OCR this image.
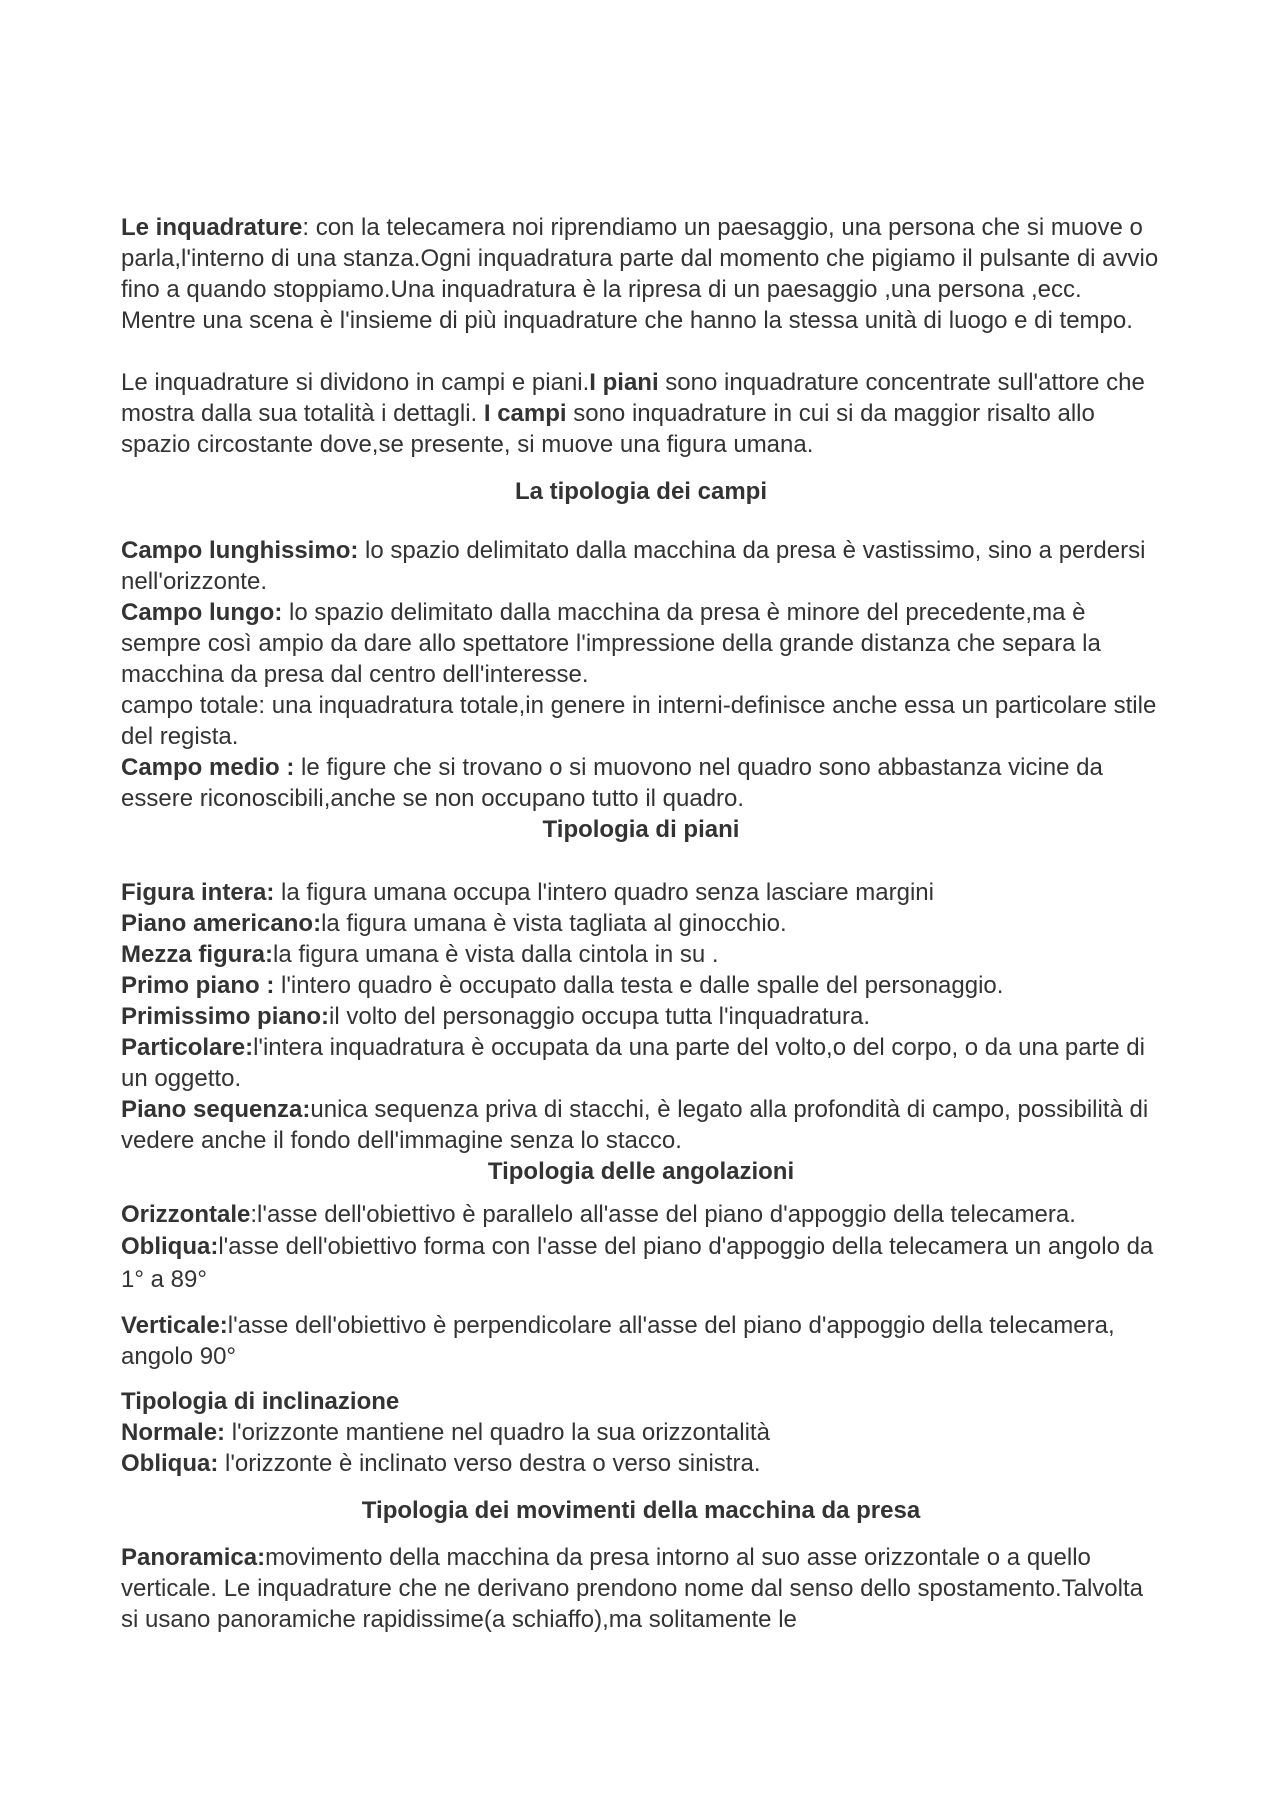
Le inquadrature: con la telecamera noi riprendiamo un paesaggio, una persona che si muove o parla,l'interno di una stanza.Ogni inquadratura parte dal momento che pigiamo il pulsante di avvio fino a quando stoppiamo.Una inquadratura è la ripresa di un paesaggio ,una persona ,ecc. Mentre una scena è l'insieme di più inquadrature che hanno la stessa unità di luogo e di tempo.

Le inquadrature si dividono in campi e piani.I piani sono inquadrature concentrate sull'attore che mostra dalla sua totalità i dettagli. I campi sono inquadrature in cui si da maggior risalto allo spazio circostante dove,se presente, si muove una figura umana.

La tipologia dei campi

Campo lunghissimo: lo spazio delimitato dalla macchina da presa è vastissimo, sino a perdersi nell'orizzonte.

Campo lungo: lo spazio delimitato dalla macchina da presa è minore del precedente,ma è sempre così ampio da dare allo spettatore l'impressione della grande distanza che separa la macchina da presa dal centro dell'interesse.

campo totale: una inquadratura totale,in genere in interni-definisce anche essa un particolare stile del regista.

Campo medio : le figure che si trovano o si muovono nel quadro sono abbastanza vicine da essere riconoscibili,anche se non occupano tutto il quadro.

Tipologia di piani

Figura intera: la figura umana occupa l'intero quadro senza lasciare margini

Piano americano:la figura umana è vista tagliata al ginocchio.

Mezza figura:la figura umana è vista dalla cintola in su .

Primo piano : l'intero quadro è occupato dalla testa e dalle spalle del personaggio.

Primissimo piano:il volto del personaggio occupa tutta l'inquadratura.

Particolare:l'intera inquadratura è occupata da una parte del volto,o del corpo, o da una parte di un oggetto.

Piano sequenza:unica sequenza priva di stacchi, è legato alla profondità di campo, possibilità di vedere anche il fondo dell'immagine senza lo stacco.

Tipologia delle angolazioni

Orizzontale:l'asse dell'obiettivo è parallelo all'asse del piano d'appoggio della telecamera.

Obliqua:l'asse dell'obiettivo forma con l'asse del piano d'appoggio della telecamera un angolo da 1° a 89°

Verticale:l'asse dell'obiettivo è perpendicolare all'asse del piano d'appoggio della telecamera, angolo 90°

Tipologia di inclinazione

Normale: l'orizzonte mantiene nel quadro la sua orizzontalità

Obliqua: l'orizzonte è inclinato verso destra o verso sinistra.

Tipologia dei movimenti della macchina da presa

Panoramica:movimento della macchina da presa intorno al suo asse orizzontale o a quello verticale. Le inquadrature che ne derivano prendono nome dal senso dello spostamento.Talvolta si usano panoramiche rapidissime(a schiaffo),ma solitamente le
